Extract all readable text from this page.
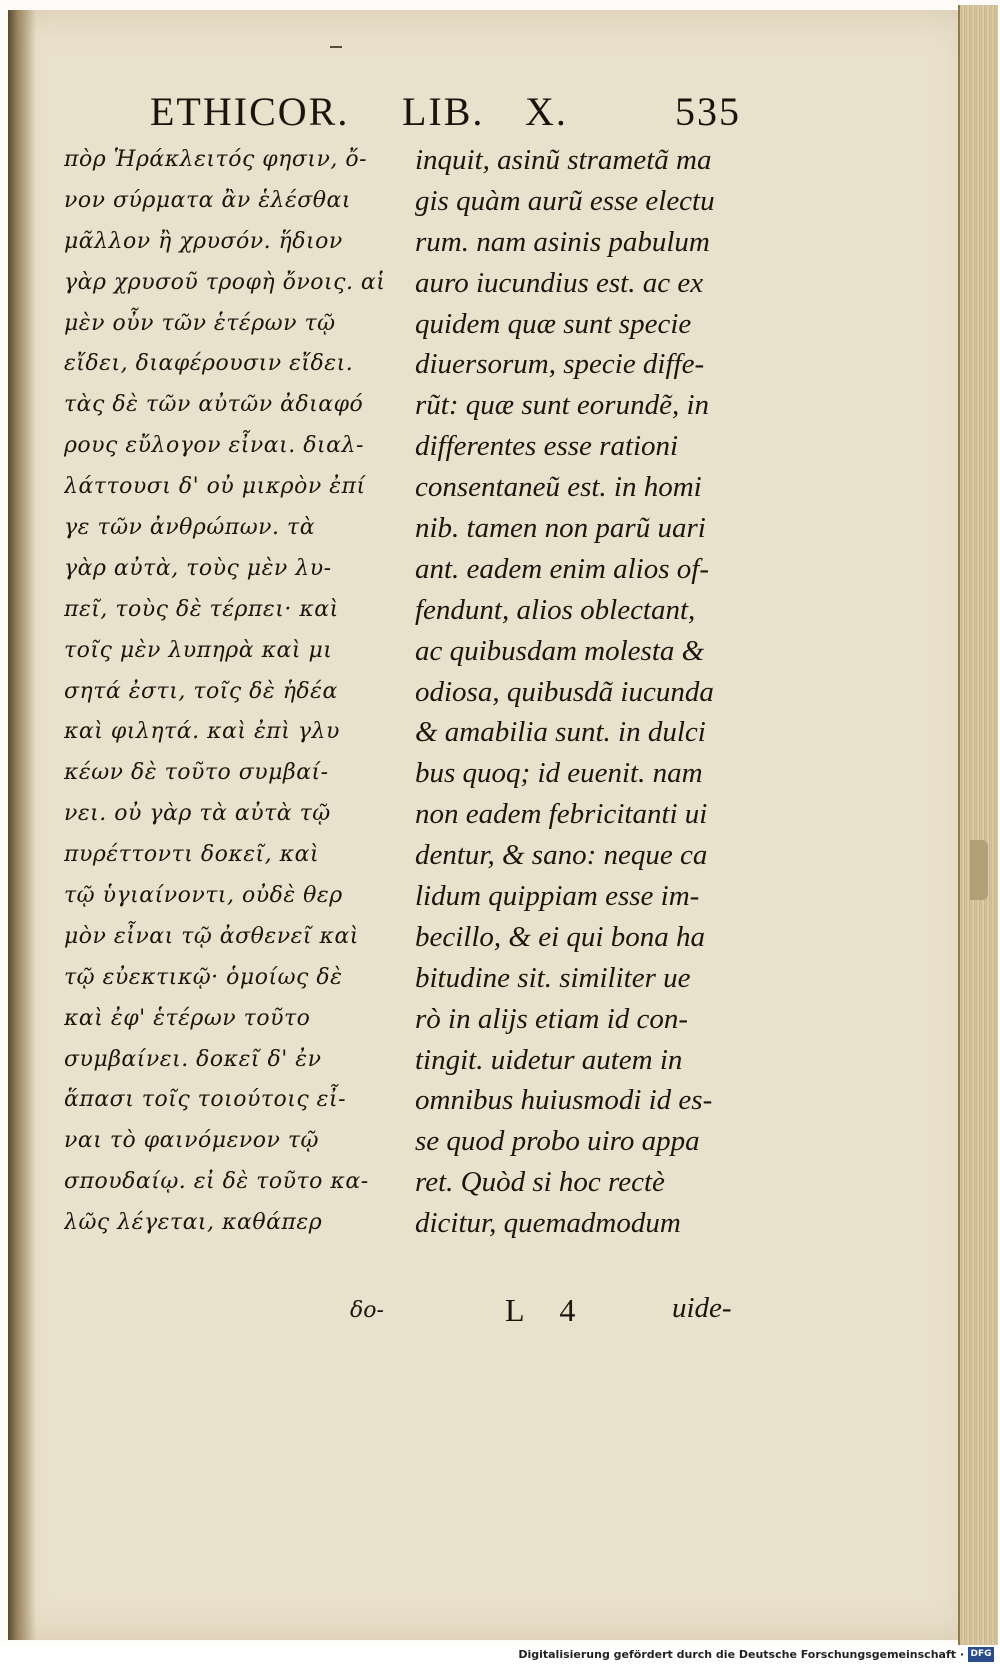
ETHICOR. LIB. X.	535
πὸρ Ἡράκλειτός φησιν, ὄ-
νον σύρματα ἂν ἑλέσθαι
μᾶλλον ἢ χρυσόν. ἥδιον
γὰρ χρυσοῦ τροφὴ ὄνοις. αἱ
μὲν οὖν τῶν ἑτέρων τῷ
εἴδει, διαφέρουσιν εἴδει.
τὰς δὲ τῶν αὐτῶν ἀδιαφό
ρους εὔλογον εἶναι. διαλ-
λάττουσι δ' οὐ μικρὸν ἐπί
γε τῶν ἀνθρώπων. τὰ
γὰρ αὐτὰ, τοὺς μὲν λυ-
πεῖ, τοὺς δὲ τέρπει· καὶ
τοῖς μὲν λυπηρὰ καὶ μι
σητά ἐστι, τοῖς δὲ ἡδέα
καὶ φιλητά. καὶ ἐπὶ γλυ
κέων δὲ τοῦτο συμβαί-
νει. οὐ γὰρ τὰ αὐτὰ τῷ
πυρέττοντι δοκεῖ, καὶ
τῷ ὑγιαίνοντι, οὐδὲ θερ
μὸν εἶναι τῷ ἀσθενεῖ καὶ
τῷ εὐεκτικῷ· ὁμοίως δὲ
καὶ ἐφ' ἑτέρων τοῦτο
συμβαίνει. δοκεῖ δ' ἐν
ἅπασι τοῖς τοιούτοις εἶ-
ναι τὸ φαινόμενον τῷ
σπουδαίῳ. εἰ δὲ τοῦτο κα-
λῶς λέγεται, καθάπερ
inquit, asinũ strametã ma
gis quàm aurũ esse electu
rum. nam asinis pabulum
auro iucundius est. ac ex
quidem quæ sunt specie
diuersorum, specie diffe-
rũt: quæ sunt eorundẽ, in
differentes esse rationi
consentaneũ est. in homi
nib. tamen non parũ uari
ant. eadem enim alios of-
fendunt, alios oblectant,
ac quibusdam molesta &
odiosa, quibusdã iucunda
& amabilia sunt. in dulci
bus quoq; id euenit. nam
non eadem febricitanti ui
dentur, & sano: neque ca
lidum quippiam esse im-
becillo, & ei qui bona ha
bitudine sit. similiter ue
rò in alijs etiam id con-
tingit. uidetur autem in
omnibus huiusmodi id es-
se quod probo uiro appa
ret. Quòd si hoc rectè
dicitur, quemadmodum
δο-	L 4	uide-
Digitalisierung gefördert durch die Deutsche Forschungsgemeinschaft · DFG
